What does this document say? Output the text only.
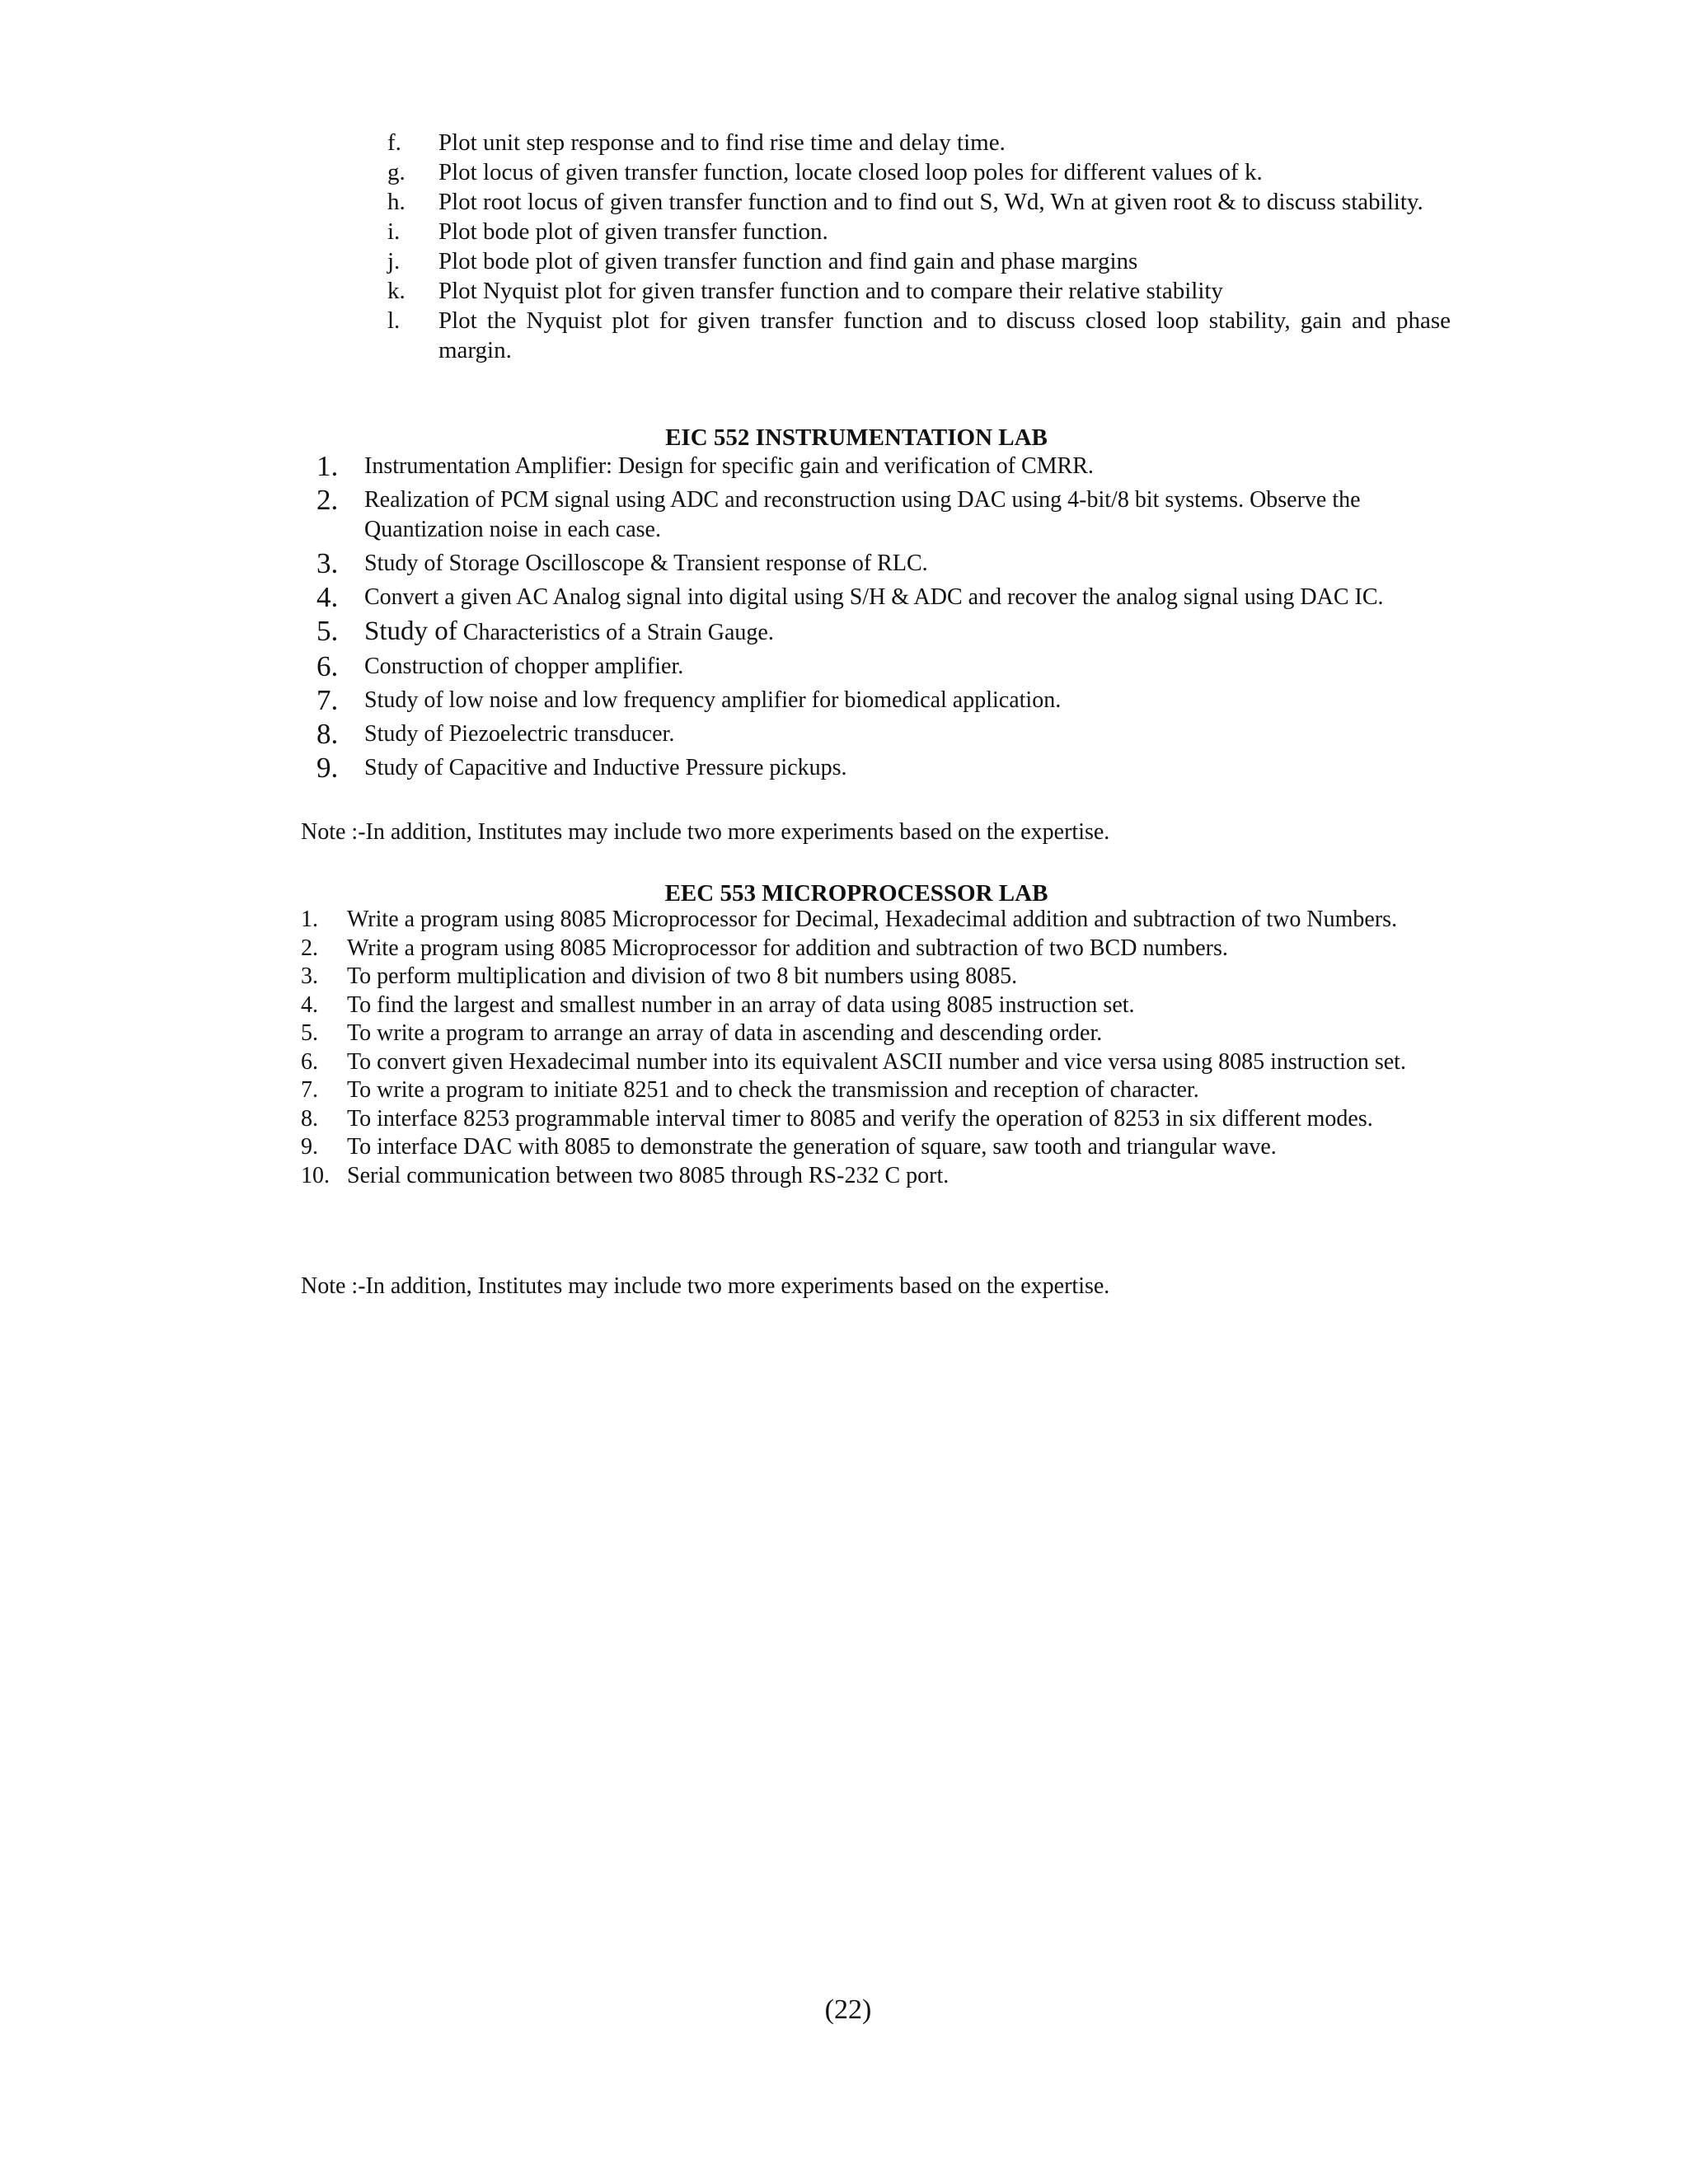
f.	Plot unit step response and to find rise time and delay time.
g.	Plot locus of given transfer function, locate closed loop poles for different values of k.
h.	Plot root locus of given transfer function and to find out S, Wd, Wn at given root & to discuss stability.
i.	Plot bode plot of given transfer function.
j.	Plot bode plot of given transfer function and find gain and phase margins
k.	Plot Nyquist plot for given transfer function and to compare their relative stability
l.	Plot the Nyquist plot for given transfer function and to discuss closed loop stability, gain and phase margin.
EIC 552 INSTRUMENTATION LAB
1.	Instrumentation Amplifier: Design for specific gain and verification of CMRR.
2.	Realization of PCM signal using ADC and reconstruction using DAC using 4-bit/8 bit systems. Observe the Quantization noise in each case.
3.	Study of Storage Oscilloscope & Transient response of RLC.
4.	Convert a given AC Analog signal into digital using S/H & ADC and recover the analog signal using DAC IC.
5. Study of Characteristics of a Strain Gauge.
6.	Construction of chopper amplifier.
7.	Study of low noise and low frequency amplifier for biomedical application.
8.	Study of Piezoelectric transducer.
9.	Study of Capacitive and Inductive Pressure pickups.
Note :-In addition, Institutes may include two more experiments based on the expertise.
EEC 553 MICROPROCESSOR LAB
1.	Write a program using 8085 Microprocessor for Decimal, Hexadecimal addition and subtraction of two Numbers.
2.	Write a program using 8085 Microprocessor for addition and subtraction of two BCD numbers.
3.	To perform multiplication and division of two 8 bit numbers using 8085.
4.	To find the largest and smallest number in an array of data using 8085 instruction set.
5.	To write a program to arrange an array of data in ascending and descending order.
6.	To convert given Hexadecimal number into its equivalent ASCII number and vice versa using 8085 instruction set.
7.	To write a program to initiate 8251 and to check the transmission and reception of character.
8.	To interface 8253 programmable interval timer to 8085 and verify the operation of 8253 in six different modes.
9.	To interface DAC with 8085 to demonstrate the generation of square, saw tooth and triangular wave.
10. Serial communication between two 8085 through RS-232 C port.
Note :-In addition, Institutes may include two more experiments based on the expertise.
(22)
